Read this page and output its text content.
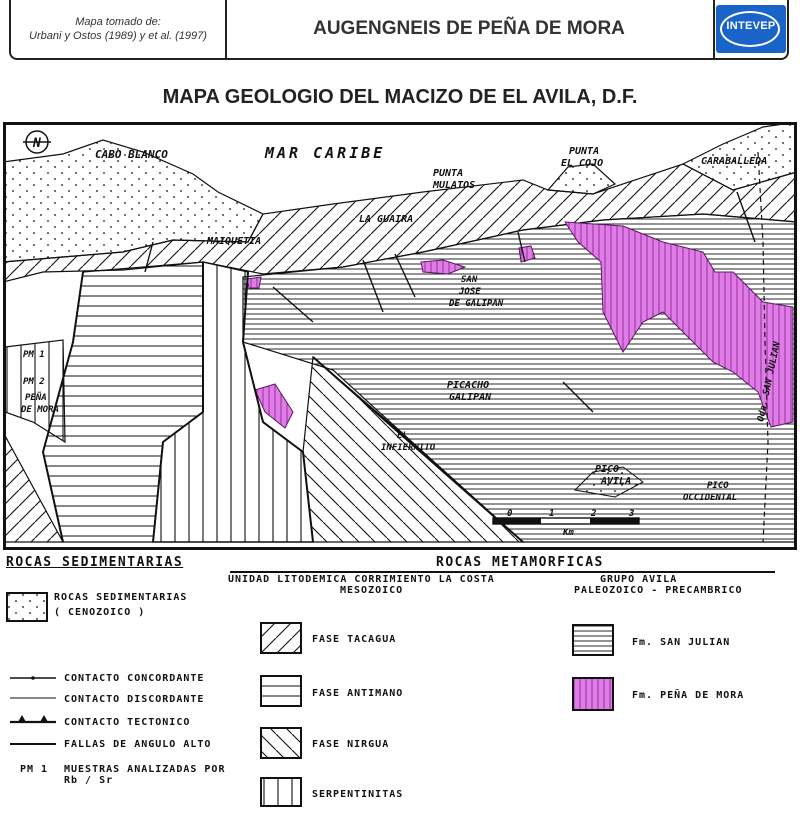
Mapa tomado de:
Urbani y Ostos (1989) y et al. (1997)	AUGENGNEIS DE PEÑA DE MORA	INTEVEP
MAPA GEOLOGIO DEL MACIZO DE EL AVILA, D.F.
N
CABO BLANCO	MAR CARIBE
PUNTA
MULATOS
PUNTA
EL COJO	CARABALLEDA
LA GUAIRA
MAIQUETIA
SAN
JOSE
DE GALIPAN
PICACHO
GALIPAN
EL
INFIERNITO
PICO
AVILA	PICO
OCCIDENTAL
Qda. SAN JULIAN
PM 1
PM 2
PEÑA
DE MORA
0	1	2	3
Km
ROCAS SEDIMENTARIAS	ROCAS METAMORFICAS
UNIDAD LITODEMICA CORRIMIENTO LA COSTA
MESOZOICO
GRUPO AVILA
PALEOZOICO - PRECAMBRICO
ROCAS SEDIMENTARIAS
( CENOZOICO )
CONTACTO CONCORDANTE
CONTACTO DISCORDANTE
CONTACTO TECTONICO
FALLAS DE ANGULO ALTO
PM 1 MUESTRAS ANALIZADAS POR
Rb / Sr
FASE TACAGUA
FASE ANTIMANO
FASE NIRGUA
SERPENTINITAS
Fm. SAN JULIAN
Fm. PEÑA DE MORA
